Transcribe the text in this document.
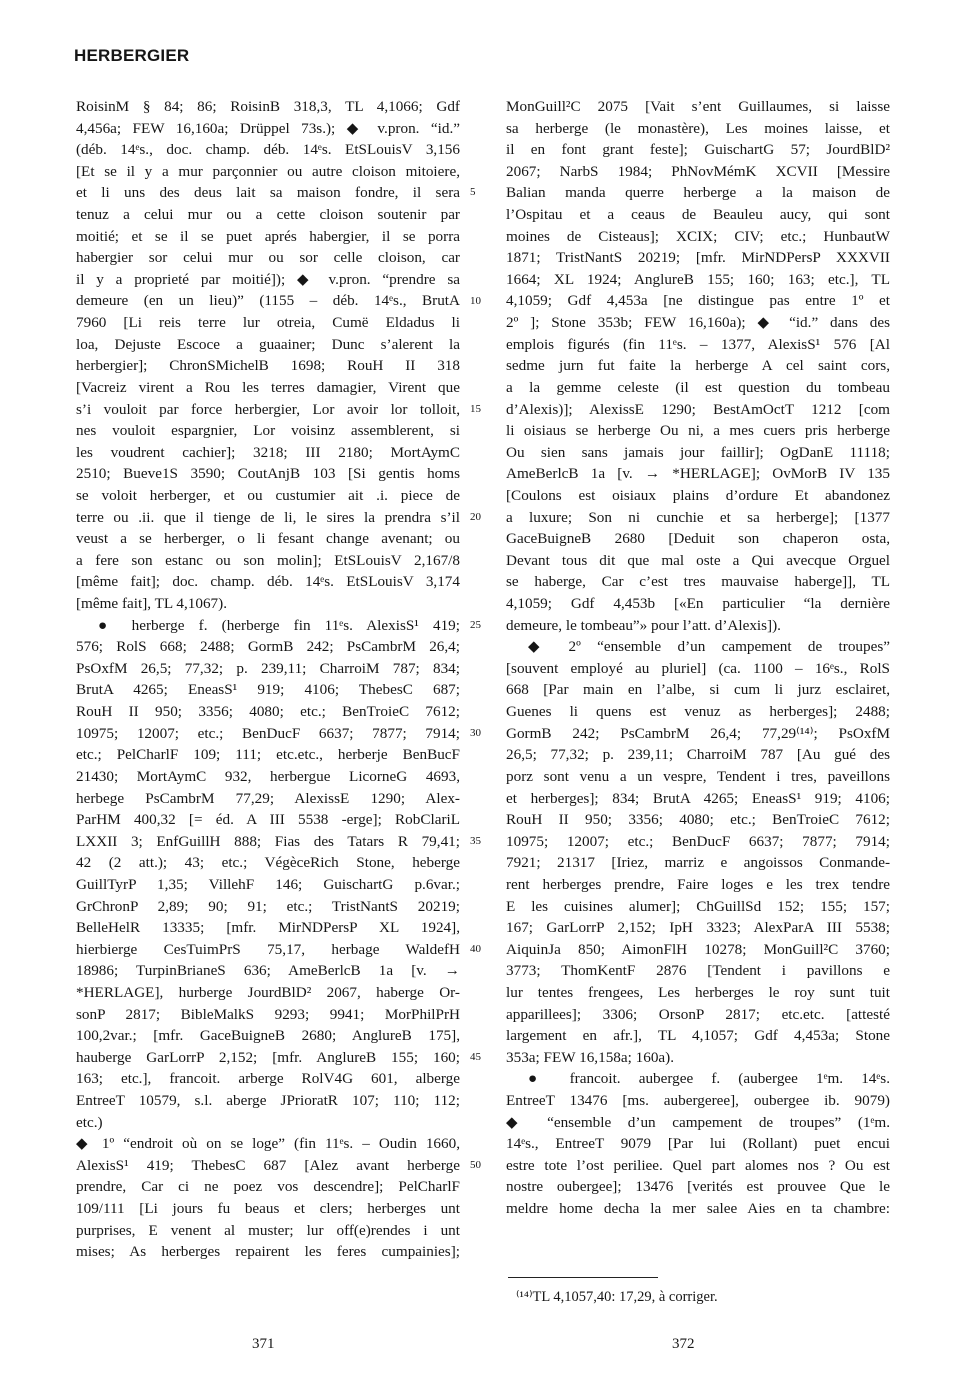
HERBERGIER
RoisinM § 84; 86; RoisinB 318,3, TL 4,1066; Gdf
4,456a; FEW 16,160a; Drüppel 73s.); ◆ v.pron. “id.”
(déb. 14ᵉs., doc. champ. déb. 14ᵉs. EtSLouisV 3,156
[Et se il y a mur parçonnier ou autre cloison mitoiere,
et li uns des deus lait sa maison fondre, il sera
tenuz a celui mur ou a cette cloison soutenir par
moitié; et se il se puet aprés habergier, il se porra
habergier sor celui mur ou sor celle cloison, car
il y a proprieté par moitié]); ◆ v.pron. “prendre sa
demeure (en un lieu)” (1155 – déb. 14ᵉs., BrutA
7960 [Li reis terre lur otreia, Cumë Eldadus li
loa, Dejuste Escoce a guaainer; Dunc s’alerent la
herbergier]; ChronSMichelB 1698; RouH II 318
[Vacreiz virent a Rou les terres damagier, Virent que
s’i vouloit par force herbergier, Lor avoir lor tolloit,
nes vouloit espargnier, Lor voisinz assemblerent, si
les voudrent cachier]; 3218; III 2180; MortAymC
2510; Bueve1S 3590; CoutAnjB 103 [Si gentis homs
se voloit herberger, et ou custumier ait .i. piece de
terre ou .ii. que il tienge de li, le sires la prendra s’il
veust a se herberger, o li fesant change avenant; ou
a fere son estanc ou son molin]; EtSLouisV 2,167/8
[même fait]; doc. champ. déb. 14ᵉs. EtSLouisV 3,174
[même fait], TL 4,1067).
● herberge f. (herberge fin 11ᵉs. AlexisS¹ 419;
576; RolS 668; 2488; GormB 242; PsCambrM 26,4;
PsOxfM 26,5; 77,32; p. 239,11; CharroiM 787; 834;
BrutA 4265; EneasS¹ 919; 4106; ThebesC 687;
RouH II 950; 3356; 4080; etc.; BenTroieC 7612;
10975; 12007; etc.; BenDucF 6637; 7877; 7914;
etc.; PelCharlF 109; 111; etc.etc., herberje BenBucF
21430; MortAymC 932, herbergue LicorneG 4693,
herbege PsCambrM 77,29; AlexissE 1290; Alex-
ParHM 400,32 [= éd. A III 5538 -erge]; RobClariL
LXXII 3; EnfGuillH 888; Fias des Tatars R 79,41;
42 (2 att.); 43; etc.; VégèceRich Stone, heberge
GuillTyrP 1,35; VillehF 146; GuischartG p.6var.;
GrChronP 2,89; 90; 91; etc.; TristNantS 20219;
BelleHelR 13335; [mfr. MirNDPersP XL 1924],
hierbierge CesTuimPrS 75,17, herbage WaldefH
18986; TurpinBrianeS 636; AmeBerlcB 1a [v. →
*HERLAGE], hurberge JourdBlD² 2067, haberge Or-
sonP 2817; BibleMalkS 9293; 9941; MorPhilPrH
100,2var.; [mfr. GaceBuigneB 2680; AnglureB 175],
hauberge GarLorrP 2,152; [mfr. AnglureB 155; 160;
163; etc.], francoit. arberge RolV4G 601, alberge
EntreeT 10579, s.l. aberge JPrioratR 107; 110; 112;
etc.)
◆ 1º “endroit où on se loge” (fin 11ᵉs. – Oudin 1660,
AlexisS¹ 419; ThebesC 687 [Alez avant herberge
prendre, Car ci ne poez vos descendre]; PelCharlF
109/111 [Li jours fu beaus et clers; herberges unt
purprises, E venent al muster; lur off(e)rendes i unt
mises; As herberges repairent les feres cumpainies];
5
10
15
20
25
30
35
40
45
50
MonGuill²C 2075 [Vait s’ent Guillaumes, si laisse
sa herberge (le monastère), Les moines laisse, et
il en font grant feste]; GuischartG 57; JourdBlD²
2067; NarbS 1984; PhNovMémK XCVII [Messire
Balian manda querre herberge a la maison de
l’Ospitau et a ceaus de Beauleu aucy, qui sont
moines de Cisteaus]; XCIX; CIV; etc.; HunbautW
1871; TristNantS 20219; [mfr. MirNDPersP XXXVII
1664; XL 1924; AnglureB 155; 160; 163; etc.], TL
4,1059; Gdf 4,453a [ne distingue pas entre 1º et
2º ]; Stone 353b; FEW 16,160a); ◆ “id.” dans des
emplois figurés (fin 11ᵉs. – 1377, AlexisS¹ 576 [Al
sedme jurn fut faite la herberge A cel saint cors,
a la gemme celeste (il est question du tombeau
d’Alexis)]; AlexissE 1290; BestAmOctT 1212 [com
li oisiaus se herberge Ou ni, a mes cuers pris herberge
Ou sien sans jamais jour faillir]; OgDanE 11118;
AmeBerlcB 1a [v. → *HERLAGE]; OvMorB IV 135
[Coulons est oisiaux plains d’ordure Et abandonez
a luxure; Son ni cunchie et sa herberge]; [1377
GaceBuigneB 2680 [Deduit son chaperon osta,
Devant tous dit que mal oste a Qui avecque Orguel
se haberge, Car c’est tres mauvaise haberge]], TL
4,1059; Gdf 4,453b [«En particulier “la dernière
demeure, le tombeau”» pour l’att. d’Alexis]).
◆ 2º “ensemble d’un campement de troupes”
[souvent employé au pluriel] (ca. 1100 – 16ᵉs., RolS
668 [Par main en l’albe, si cum li jurz esclairet,
Guenes li quens est venuz as herberges]; 2488;
GormB 242; PsCambrM 26,4; 77,29⁽¹⁴⁾; PsOxfM
26,5; 77,32; p. 239,11; CharroiM 787 [Au gué des
porz sont venu a un vespre, Tendent i tres, paveillons
et herberges]; 834; BrutA 4265; EneasS¹ 919; 4106;
RouH II 950; 3356; 4080; etc.; BenTroieC 7612;
10975; 12007; etc.; BenDucF 6637; 7877; 7914;
7921; 21317 [Iriez, marriz e angoissos Conmande-
rent herberges prendre, Faire loges e les trex tendre
E les cuisines alumer]; ChGuillSd 152; 155; 157;
167; GarLorrP 2,152; IpH 3323; AlexParA III 5538;
AiquinJa 850; AimonFlH 10278; MonGuill²C 3760;
3773; ThomKentF 2876 [Tendent i pavillons e
lur tentes frengees, Les herberges le roy sunt tuit
apparillees]; 3306; OrsonP 2817; etc.etc. [attesté
largement en afr.], TL 4,1057; Gdf 4,453a; Stone
353a; FEW 16,158a; 160a).
● francoit. aubergee f. (aubergee 1ᵉm. 14ᵉs.
EntreeT 13476 [ms. aubergeree], oubergee ib. 9079)
◆ “ensemble d’un campement de troupes” (1ᵉm.
14ᵉs., EntreeT 9079 [Par lui (Rollant) puet encui
estre tote l’ost periliee. Quel part alomes nos ? Ou est
nostre oubergee]; 13476 [verités est prouvee Que le
meldre home decha la mer salee Aies en ta chambre:
⁽¹⁴⁾TL 4,1057,40: 17,29, à corriger.
371	372
